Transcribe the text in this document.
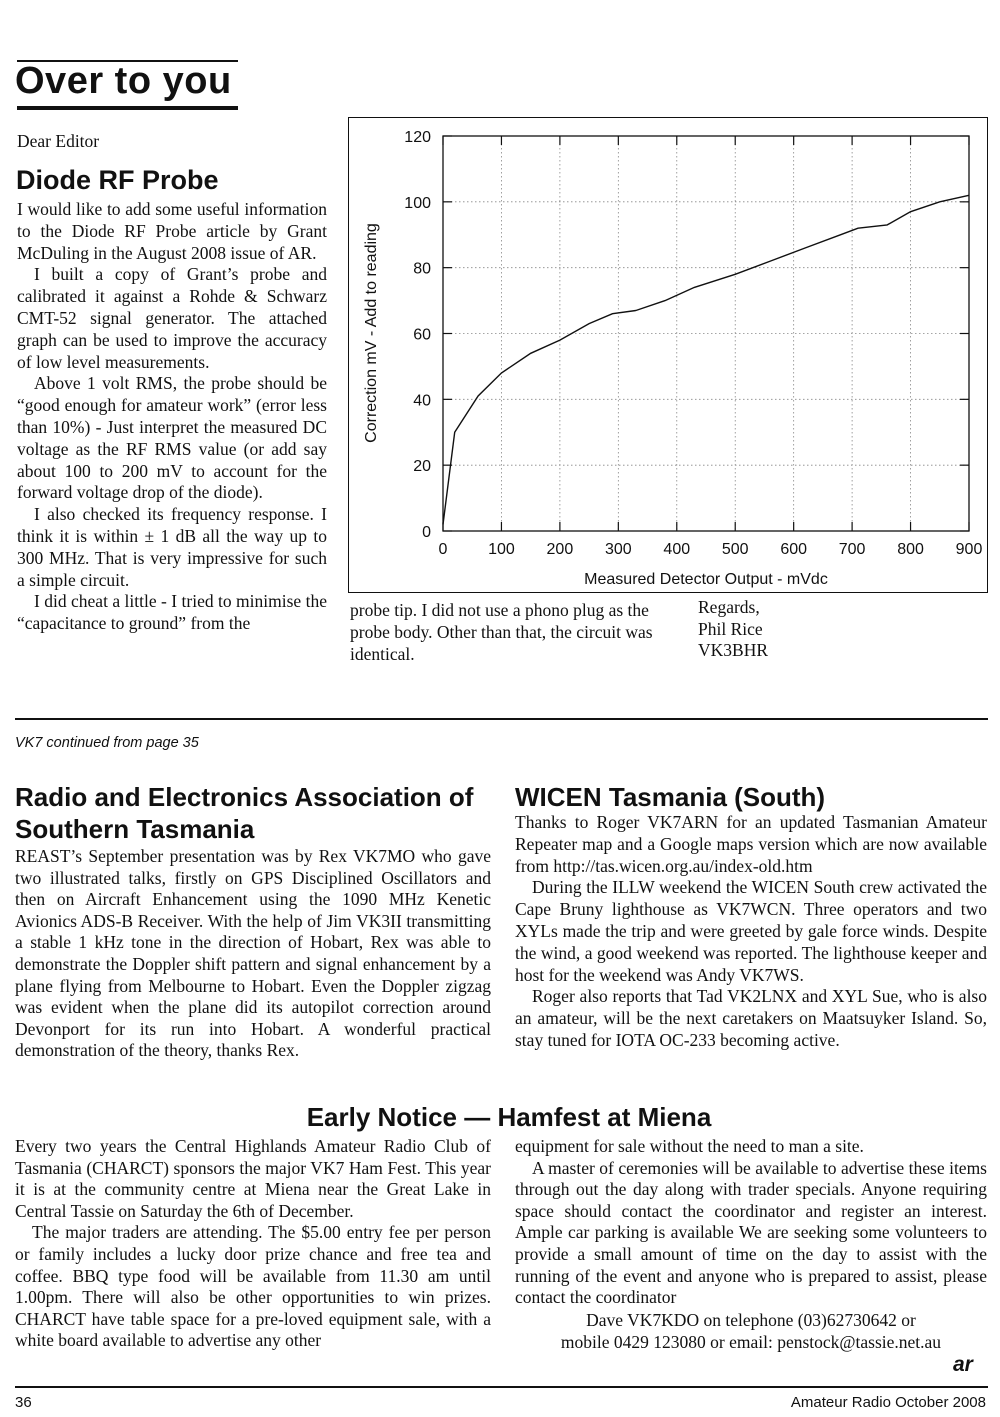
Over to you
Dear Editor
Diode RF Probe

I would like to add some useful information to the Diode RF Probe article by Grant McDuling in the August 2008 issue of AR.

I built a copy of Grant’s probe and calibrated it against a Rohde & Schwarz CMT-52 signal generator. The attached graph can be used to improve the accuracy of low level measurements.

Above 1 volt RMS, the probe should be “good enough for amateur work” (error less than 10%) - Just interpret the measured DC voltage as the RF RMS value (or add say about 100 to 200 mV to account for the forward voltage drop of the diode).

I also checked its frequency response. I think it is within ± 1 dB all the way up to 300 MHz. That is very impressive for such a simple circuit.

I did cheat a little - I tried to minimise the “capacitance to ground” from the

0	100 200 300 400 500 600 700 800 900
0
20
40
60
80
100
120
Measured Detector Output - mVdc
Correction mV - Add to reading
probe tip. I did not use a phono plug as the probe body. Other than that, the circuit was identical.
Regards,
Phil Rice
VK3BHR
VK7 continued from page 35
Radio and Electronics Association of Southern Tasmania

REAST’s September presentation was by Rex VK7MO who gave two illustrated talks, firstly on GPS Disciplined Oscillators and then on Aircraft Enhancement using the 1090 MHz Kenetic Avionics ADS-B Receiver. With the help of Jim VK3II transmitting a stable 1 kHz tone in the direction of Hobart, Rex was able to demonstrate the Doppler shift pattern and signal enhancement by a plane flying from Melbourne to Hobart. Even the Doppler zigzag was evident when the plane did its autopilot correction around Devonport for its run into Hobart. A wonderful practical demonstration of the theory, thanks Rex.

WICEN Tasmania (South)

Thanks to Roger VK7ARN for an updated Tasmanian Amateur Repeater map and a Google maps version which are now available from http://tas.wicen.org.au/index-old.htm

During the ILLW weekend the WICEN South crew activated the Cape Bruny lighthouse as VK7WCN. Three operators and two XYLs made the trip and were greeted by gale force winds. Despite the wind, a good weekend was reported. The lighthouse keeper and host for the weekend was Andy VK7WS.

Roger also reports that Tad VK2LNX and XYL Sue, who is also an amateur, will be the next caretakers on Maatsuyker Island. So, stay tuned for IOTA OC-233 becoming active.

Early Notice — Hamfest at Miena

Every two years the Central Highlands Amateur Radio Club of Tasmania (CHARCT) sponsors the major VK7 Ham Fest. This year it is at the community centre at Miena near the Great Lake in Central Tassie on Saturday the 6th of December.

The major traders are attending. The $5.00 entry fee per person or family includes a lucky door prize chance and free tea and coffee. BBQ type food will be available from 11.30 am until 1.00pm. There will also be other opportunities to win prizes. CHARCT have table space for a pre-loved equipment sale, with a white board available to advertise any other

equipment for sale without the need to man a site.

A master of ceremonies will be available to advertise these items through out the day along with trader specials. Anyone requiring space should contact the coordinator and register an interest. Ample car parking is available We are seeking some volunteers to provide a small amount of time on the day to assist with the running of the event and anyone who is prepared to assist, please contact the coordinator

Dave VK7KDO on telephone (03)62730642 or
mobile 0429 123080 or email: penstock@tassie.net.au
ar
36	Amateur Radio October 2008
